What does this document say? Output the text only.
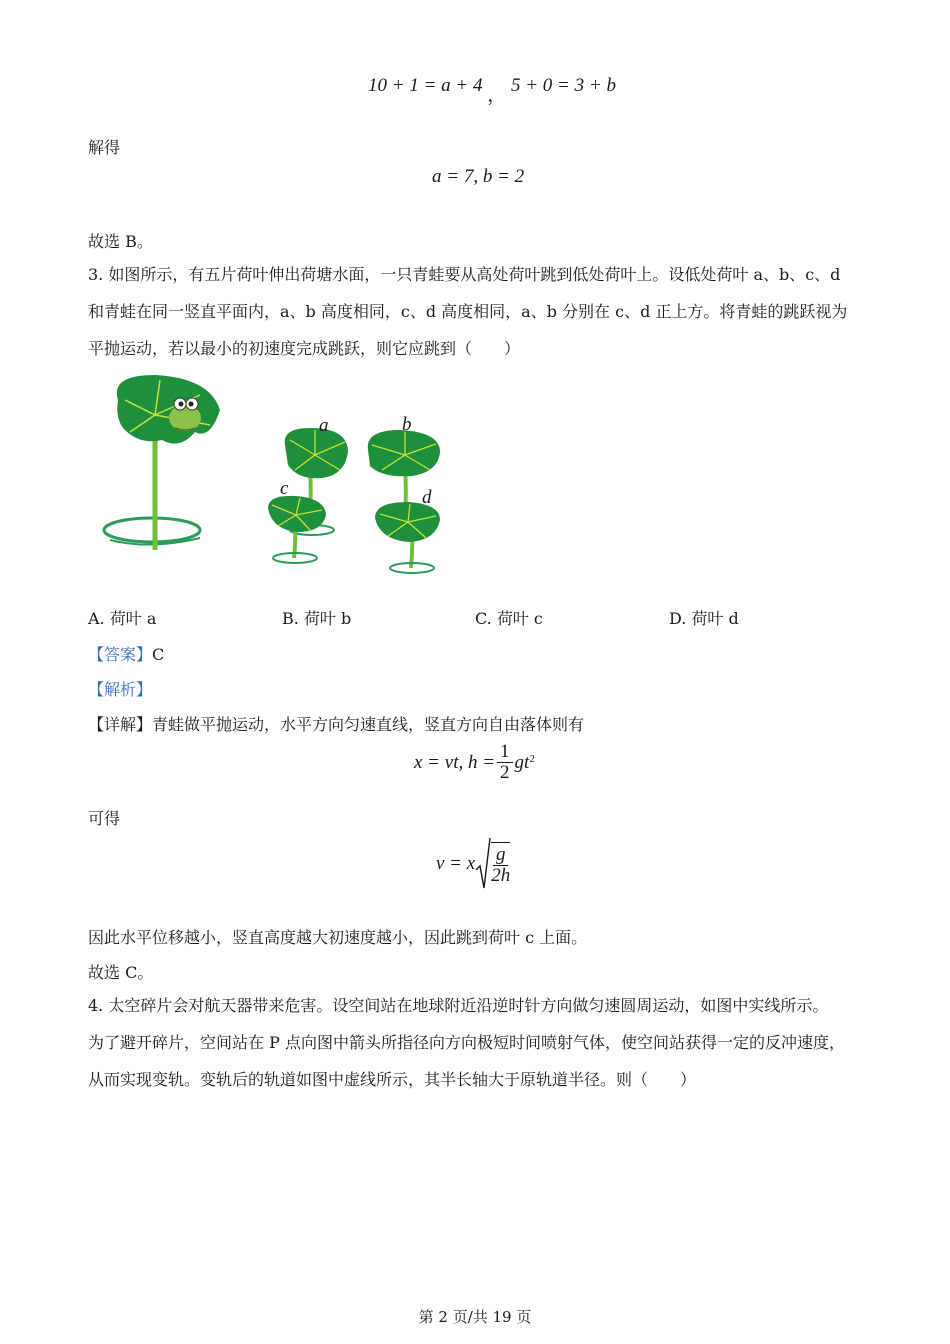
10 + 1 = a + 4 ， 5 + 0 = 3 + b
解得
a = 7, b = 2
故选 B。
3. 如图所示，有五片荷叶伸出荷塘水面，一只青蛙要从高处荷叶跳到低处荷叶上。设低处荷叶 a、b、c、d
和青蛙在同一竖直平面内，a、b 高度相同，c、d 高度相同，a、b 分别在 c、d 正上方。将青蛙的跳跃视为
平抛运动，若以最小的初速度完成跳跃，则它应跳到（　　）
a
c
b
d
A. 荷叶 a	B. 荷叶 b	C. 荷叶 c	D. 荷叶 d
【答案】C
【解析】
【详解】青蛙做平抛运动，水平方向匀速直线，竖直方向自由落体则有
x = vt, $h = \frac{1}{2} gt^2$
可得
v = x $\frac{g}{2h}$
因此水平位移越小，竖直高度越大初速度越小，因此跳到荷叶 c 上面。
故选 C。
4. 太空碎片会对航天器带来危害。设空间站在地球附近沿逆时针方向做匀速圆周运动，如图中实线所示。
为了避开碎片，空间站在 P 点向图中箭头所指径向方向极短时间喷射气体，使空间站获得一定的反冲速度，
从而实现变轨。变轨后的轨道如图中虚线所示，其半长轴大于原轨道半径。则（　　）
第 2 页/共 19 页
